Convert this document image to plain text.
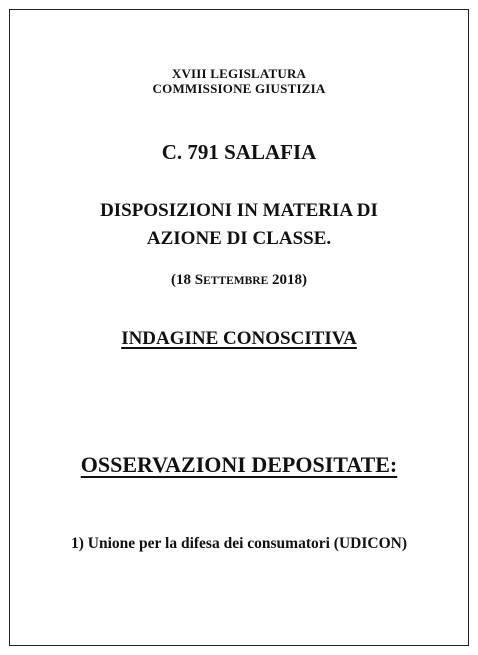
XVIII LEGISLATURA

COMMISSIONE GIUSTIZIA

C. 791 SALAFIA

DISPOSIZIONI IN MATERIA DI

AZIONE DI CLASSE.

(18 SETTEMBRE 2018)

INDAGINE CONOSCITIVA

OSSERVAZIONI DEPOSITATE:

1) Unione per la difesa dei consumatori (UDICON)
